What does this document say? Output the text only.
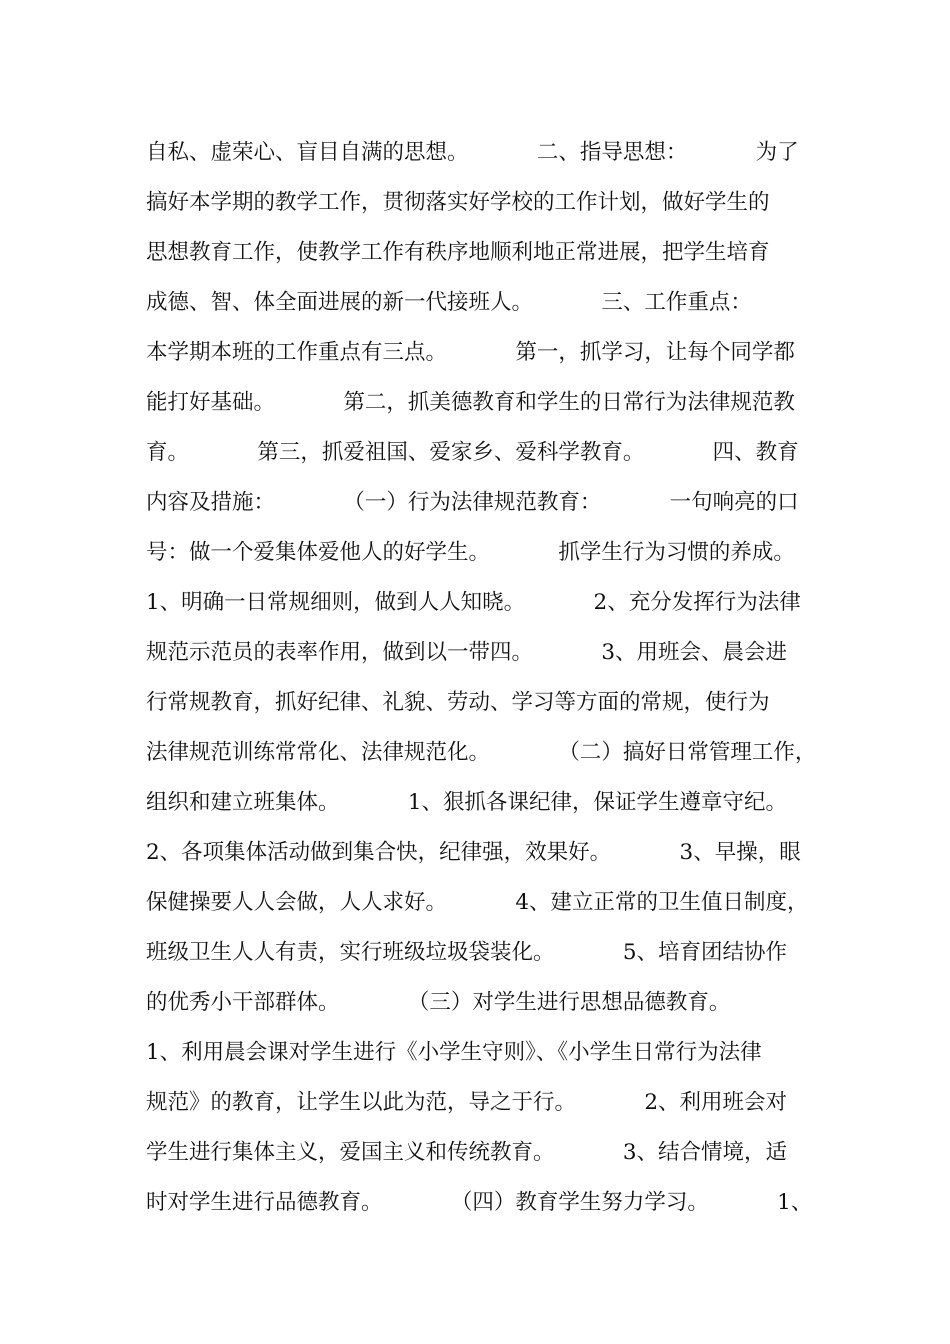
自私、虚荣心、盲目自满的思想。          二、指导思想：          为了
搞好本学期的教学工作，贯彻落实好学校的工作计划，做好学生的
思想教育工作，使教学工作有秩序地顺利地正常进展，把学生培育
成德、智、体全面进展的新一代接班人。          三、工作重点：
本学期本班的工作重点有三点。          第一，抓学习，让每个同学都
能打好基础。          第二，抓美德教育和学生的日常行为法律规范教
育。          第三，抓爱祖国、爱家乡、爱科学教育。          四、教育
内容及措施：          （一）行为法律规范教育：          一句响亮的口
号：做一个爱集体爱他人的好学生。          抓学生行为习惯的养成。
1、明确一日常规细则，做到人人知晓。          2、充分发挥行为法律
规范示范员的表率作用，做到以一带四。          3、用班会、晨会进
行常规教育，抓好纪律、礼貌、劳动、学习等方面的常规，使行为
法律规范训练常常化、法律规范化。          （二）搞好日常管理工作，
组织和建立班集体。          1、狠抓各课纪律，保证学生遵章守纪。
2、各项集体活动做到集合快，纪律强，效果好。          3、早操，眼
保健操要人人会做，人人求好。          4、建立正常的卫生值日制度，
班级卫生人人有责，实行班级垃圾袋装化。          5、培育团结协作
的优秀小干部群体。          （三）对学生进行思想品德教育。
1、利用晨会课对学生进行《小学生守则》、《小学生日常行为法律
规范》的教育，让学生以此为范，导之于行。          2、利用班会对
学生进行集体主义，爱国主义和传统教育。          3、结合情境，适
时对学生进行品德教育。          （四）教育学生努力学习。          1、
